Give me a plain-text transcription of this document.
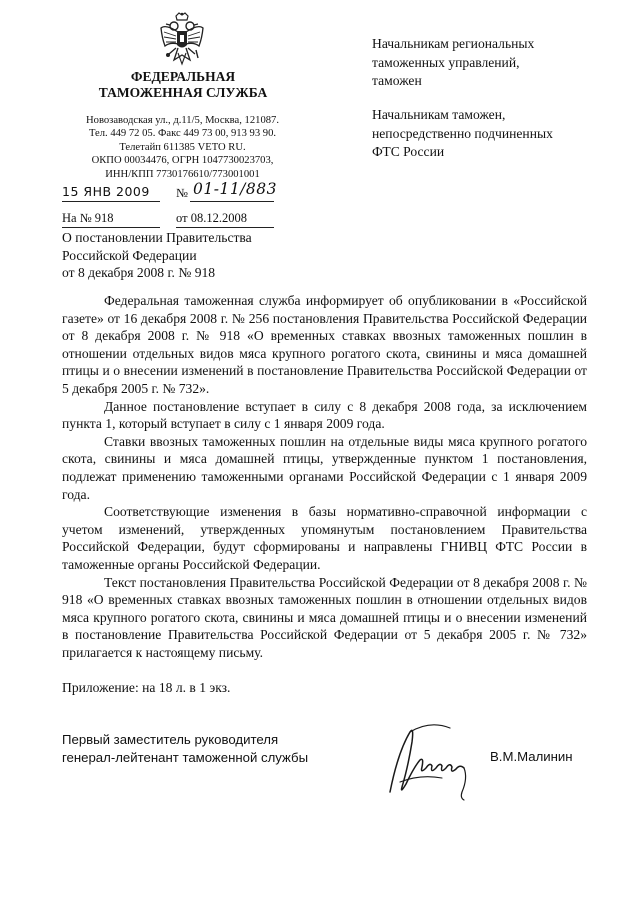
ФЕДЕРАЛЬНАЯ
ТАМОЖЕННАЯ СЛУЖБА
Новозаводская ул., д.11/5, Москва, 121087.
Тел. 449 72 05. Факс 449 73 00, 913 93 90.
Телетайп 611385 VETO RU.
ОКПО 00034476, ОГРН 1047730023703,
ИНН/КПП 7730176610/773001001
Начальникам региональных
таможенных управлений,
таможен
Начальникам таможен,
непосредственно подчиненных
ФТС России
15 ЯНВ 2009 № 01-11/883
На № 918	от 08.12.2008
О постановлении Правительства
Российской Федерации
от 8 декабря 2008 г. № 918

Федеральная таможенная служба информирует об опубликовании в «Российской газете» от 16 декабря 2008 г. № 256 постановления Правительства Российской Федерации от 8 декабря 2008 г. № 918 «О временных ставках ввозных таможенных пошлин в отношении отдельных видов мяса крупного рогатого скота, свинины и мяса домашней птицы и о внесении изменений в постановление Правительства Российской Федерации от 5 декабря 2005 г. № 732».

Данное постановление вступает в силу с 8 декабря 2008 года, за исключением пункта 1, который вступает в силу с 1 января 2009 года.

Ставки ввозных таможенных пошлин на отдельные виды мяса крупного рогатого скота, свинины и мяса домашней птицы, утвержденные пунктом 1 постановления, подлежат применению таможенными органами Российской Федерации с 1 января 2009 года.

Соответствующие изменения в базы нормативно-справочной информации с учетом изменений, утвержденных упомянутым постановлением Правительства Российской Федерации, будут сформированы и направлены ГНИВЦ ФТС России в таможенные органы Российской Федерации.

Текст постановления Правительства Российской Федерации от 8 декабря 2008 г. № 918 «О временных ставках ввозных таможенных пошлин в отношении отдельных видов мяса крупного рогатого скота, свинины и мяса домашней птицы и о внесении изменений в постановление Правительства Российской Федерации от 5 декабря 2005 г. № 732» прилагается к настоящему письму.

Приложение: на 18 л. в 1 экз.
Первый заместитель руководителя
генерал-лейтенант таможенной службы	В.М.Малинин
